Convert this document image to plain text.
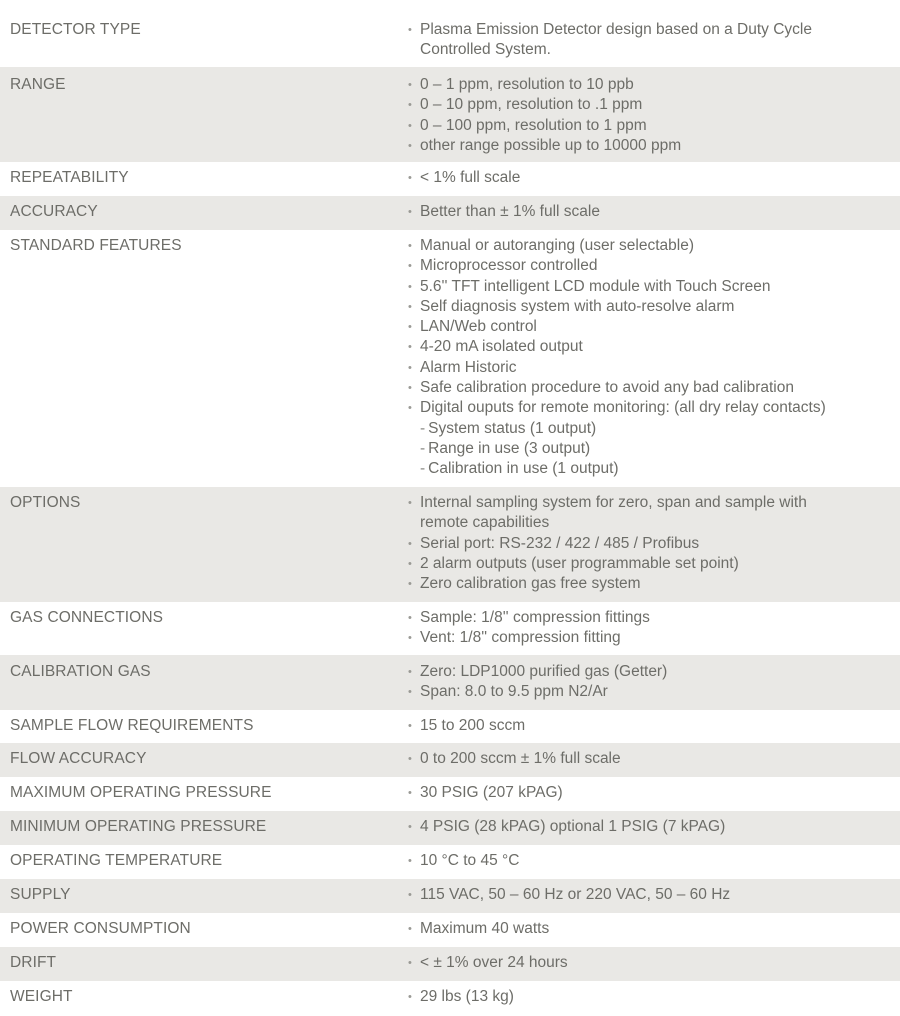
DETECTOR TYPE	• Plasma Emission Detector design based on a Duty Cycle Controlled System.
RANGE	• 0 – 1 ppm, resolution to 10 ppb
• 0 – 10 ppm, resolution to .1 ppm
• 0 – 100 ppm, resolution to 1 ppm
• other range possible up to 10000 ppm
REPEATABILITY	• < 1% full scale
ACCURACY	• Better than ± 1% full scale
STANDARD FEATURES	• Manual or autoranging (user selectable)
• Microprocessor controlled
• 5.6'' TFT intelligent LCD module with Touch Screen
• Self diagnosis system with auto-resolve alarm
• LAN/Web control
• 4-20 mA isolated output
• Alarm Historic
• Safe calibration procedure to avoid any bad calibration
• Digital ouputs for remote monitoring: (all dry relay contacts)
- System status (1 output)
- Range in use (3 output)
- Calibration in use (1 output)
OPTIONS	• Internal sampling system for zero, span and sample with remote capabilities
• Serial port: RS-232 / 422 / 485 / Profibus
• 2 alarm outputs (user programmable set point)
• Zero calibration gas free system
GAS CONNECTIONS	• Sample: 1/8'' compression fittings
• Vent: 1/8'' compression fitting
CALIBRATION GAS	• Zero: LDP1000 purified gas (Getter)
• Span: 8.0 to 9.5 ppm N2/Ar
SAMPLE FLOW REQUIREMENTS	• 15 to 200 sccm
FLOW ACCURACY	• 0 to 200 sccm ± 1% full scale
MAXIMUM OPERATING PRESSURE	• 30 PSIG (207 kPAG)
MINIMUM OPERATING PRESSURE	• 4 PSIG (28 kPAG) optional 1 PSIG (7 kPAG)
OPERATING TEMPERATURE	• 10 °C to 45 °C
SUPPLY	• 115 VAC, 50 – 60 Hz or 220 VAC, 50 – 60 Hz
POWER CONSUMPTION	• Maximum 40 watts
DRIFT	• < ± 1% over 24 hours
WEIGHT	• 29 lbs (13 kg)
